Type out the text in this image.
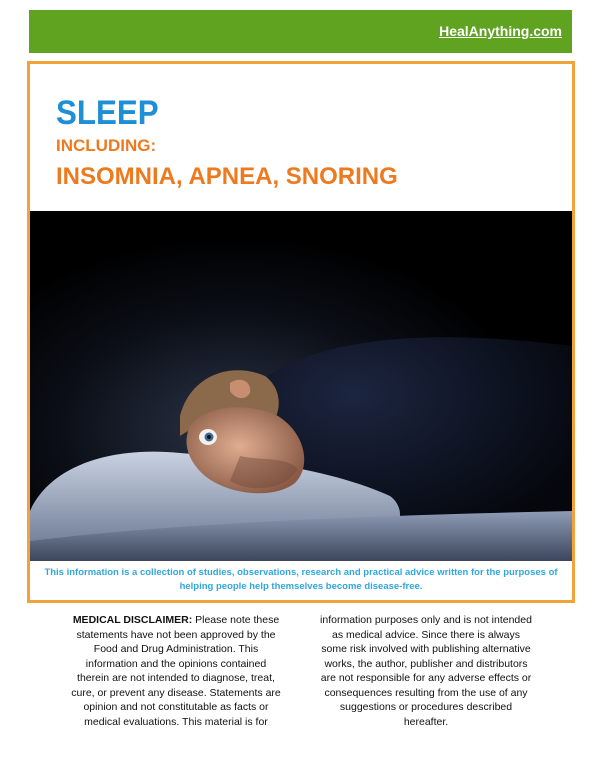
HealAnything.com
SLEEP
INCLUDING:
INSOMNIA, APNEA, SNORING
This information is a collection of studies, observations, research and practical advice written for the purposes of helping people help themselves become disease-free.
MEDICAL DISCLAIMER: Please note these statements have not been approved by the Food and Drug Administration. This information and the opinions contained therein are not intended to diagnose, treat, cure, or prevent any disease. Statements are opinion and not constitutable as facts or medical evaluations. This material is for
information purposes only and is not intended as medical advice. Since there is always some risk involved with publishing alternative works, the author, publisher and distributors are not responsible for any adverse effects or consequences resulting from the use of any suggestions or procedures described hereafter.
